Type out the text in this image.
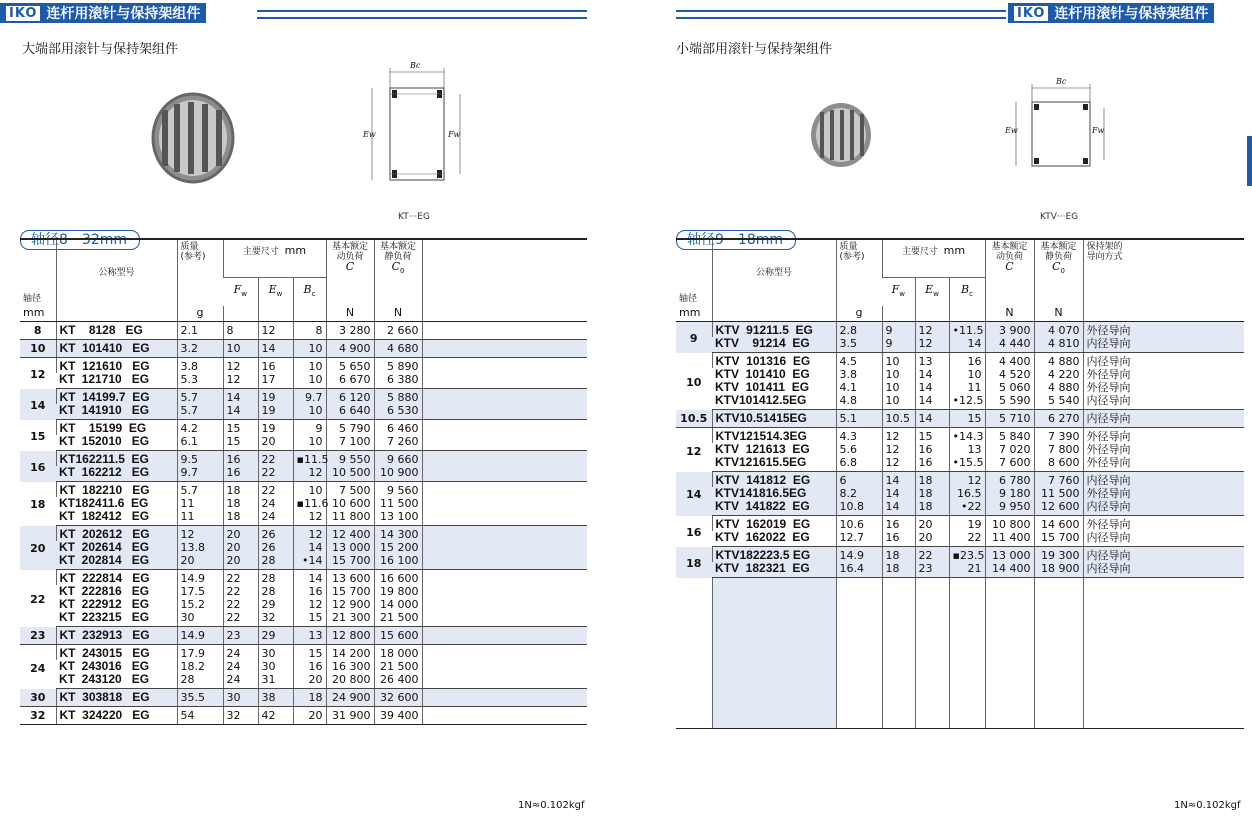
IKO 连杆用滚针与保持架组件
大端部用滚针与保持架组件
Bc
Ew	Fw
KT···EG
轴径8－32mm
轴径	公称型号	质量
(参考)	主要尺寸 mm			基本额定
动负荷
C	基本额定
静负荷
$C_0$	
			$F_w$	$E_w$	$B_c$		
mm		g				N	N	
8	KT    8128   EG	2.1	8	12	8	3 280	2 660	
10	KT  101410   EG	3.2	10	14	10	4 900	4 680	
12	KT  121610   EG	3.8	12	16	10	5 650	5 890	
	KT  121710   EG	5.3	12	17	10	6 670	6 380	
14	KT  14199.7  EG	5.7	14	19	9.7	6 120	5 880	
	KT  141910   EG	5.7	14	19	10	6 640	6 530	
15	KT    15199  EG	4.2	15	19	9	5 790	6 460	
	KT  152010   EG	6.1	15	20	10	7 100	7 260	
16	KT162211.5  EG	9.5	16	22	▪11.5	9 550	9 660	
	KT  162212   EG	9.7	16	22	12	10 500	10 900	
18	KT  182210   EG	5.7	18	22	10	7 500	9 560	
	KT182411.6  EG	11	18	24	▪11.6	10 600	11 500	
	KT  182412   EG	11	18	24	12	11 800	13 100	
20	KT  202612   EG	12	20	26	12	12 400	14 300	
	KT  202614   EG	13.8	20	26	14	13 000	15 200	
	KT  202814   EG	20	20	28	•14	15 700	16 100	
22	KT  222814   EG	14.9	22	28	14	13 600	16 600	
	KT  222816   EG	17.5	22	28	16	15 700	19 800	
	KT  222912   EG	15.2	22	29	12	12 900	14 000	
	KT  223215   EG	30	22	32	15	21 300	21 500	
23	KT  232913   EG	14.9	23	29	13	12 800	15 600	
24	KT  243015   EG	17.9	24	30	15	14 200	18 000	
	KT  243016   EG	18.2	24	30	16	16 300	21 500	
	KT  243120   EG	28	24	31	20	20 800	26 400	
30	KT  303818   EG	35.5	30	38	18	24 900	32 600	
32	KT  324220   EG	54	32	42	20	31 900	39 400	
1N≈0.102kgf
IKO 连杆用滚针与保持架组件
小端部用滚针与保持架组件
Bc
Ew	Fw
KTV···EG
轴径9－18mm
轴径	公称型号	质量
(参考)	主要尺寸 mm			基本额定
动负荷
C	基本额定
静负荷
$C_0$	保持架的
导向方式
			$F_w$	$E_w$	$B_c$		
mm		g				N	N	
9	KTV  91211.5  EG	2.8	9	12	•11.5	3 900	4 070	外径导向
	KTV    91214  EG	3.5	9	12	14	4 440	4 810	内径导向
10	KTV  101316  EG	4.5	10	13	16	4 400	4 880	内径导向
	KTV  101410  EG	3.8	10	14	10	4 520	4 220	外径导向
	KTV  101411  EG	4.1	10	14	11	5 060	4 880	外径导向
	KTV101412.5EG	4.8	10	14	•12.5	5 590	5 540	内径导向
10.5	KTV10.51415EG	5.1	10.5	14	15	5 710	6 270	内径导向
12	KTV121514.3EG	4.3	12	15	•14.3	5 840	7 390	外径导向
	KTV  121613  EG	5.6	12	16	13	7 020	7 800	外径导向
	KTV121615.5EG	6.8	12	16	•15.5	7 600	8 600	外径导向
14	KTV  141812  EG	6	14	18	12	6 780	7 760	内径导向
	KTV141816.5EG	8.2	14	18	16.5	9 180	11 500	外径导向
	KTV  141822  EG	10.8	14	18	•22	9 950	12 600	内径导向
16	KTV  162019  EG	10.6	16	20	19	10 800	14 600	外径导向
	KTV  162022  EG	12.7	16	20	22	11 400	15 700	内径导向
18	KTV182223.5 EG	14.9	18	22	▪23.5	13 000	19 300	内径导向
	KTV  182321  EG	16.4	18	23	21	14 400	18 900	内径导向

1N≈0.102kgf
